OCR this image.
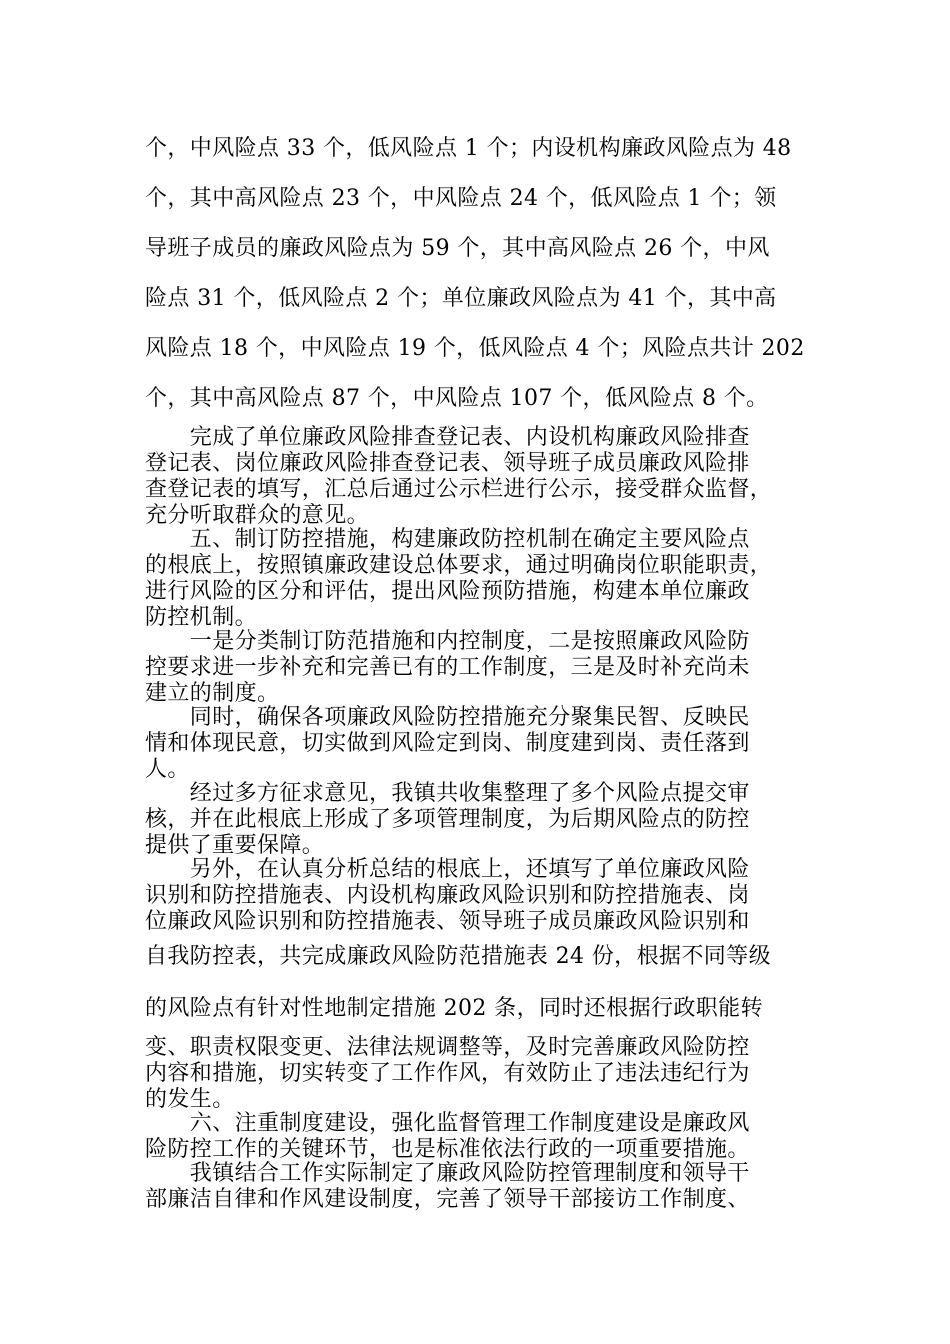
个，中风险点 33 个，低风险点 1 个；内设机构廉政风险点为 48
个，其中高风险点 23 个，中风险点 24 个，低风险点 1 个；领
导班子成员的廉政风险点为 59 个，其中高风险点 26 个，中风
险点 31 个，低风险点 2 个；单位廉政风险点为 41 个，其中高
风险点 18 个，中风险点 19 个，低风险点 4 个；风险点共计 202
个，其中高风险点 87 个，中风险点 107 个，低风险点 8 个。
　　完成了单位廉政风险排查登记表、内设机构廉政风险排查
登记表、岗位廉政风险排查登记表、领导班子成员廉政风险排
查登记表的填写，汇总后通过公示栏进行公示，接受群众监督，
充分听取群众的意见。
　　五、制订防控措施，构建廉政防控机制在确定主要风险点
的根底上，按照镇廉政建设总体要求，通过明确岗位职能职责，
进行风险的区分和评估，提出风险预防措施，构建本单位廉政
防控机制。
　　一是分类制订防范措施和内控制度，二是按照廉政风险防
控要求进一步补充和完善已有的工作制度，三是及时补充尚未
建立的制度。
　　同时，确保各项廉政风险防控措施充分聚集民智、反映民
情和体现民意，切实做到风险定到岗、制度建到岗、责任落到
人。
　　经过多方征求意见，我镇共收集整理了多个风险点提交审
核，并在此根底上形成了多项管理制度，为后期风险点的防控
提供了重要保障。
　　另外，在认真分析总结的根底上，还填写了单位廉政风险
识别和防控措施表、内设机构廉政风险识别和防控措施表、岗
位廉政风险识别和防控措施表、领导班子成员廉政风险识别和
自我防控表，共完成廉政风险防范措施表 24 份，根据不同等级
的风险点有针对性地制定措施 202 条，同时还根据行政职能转
变、职责权限变更、法律法规调整等，及时完善廉政风险防控
内容和措施，切实转变了工作作风，有效防止了违法违纪行为
的发生。
　　六、注重制度建设，强化监督管理工作制度建设是廉政风
险防控工作的关键环节，也是标准依法行政的一项重要措施。
　　我镇结合工作实际制定了廉政风险防控管理制度和领导干
部廉洁自律和作风建设制度，完善了领导干部接访工作制度、
